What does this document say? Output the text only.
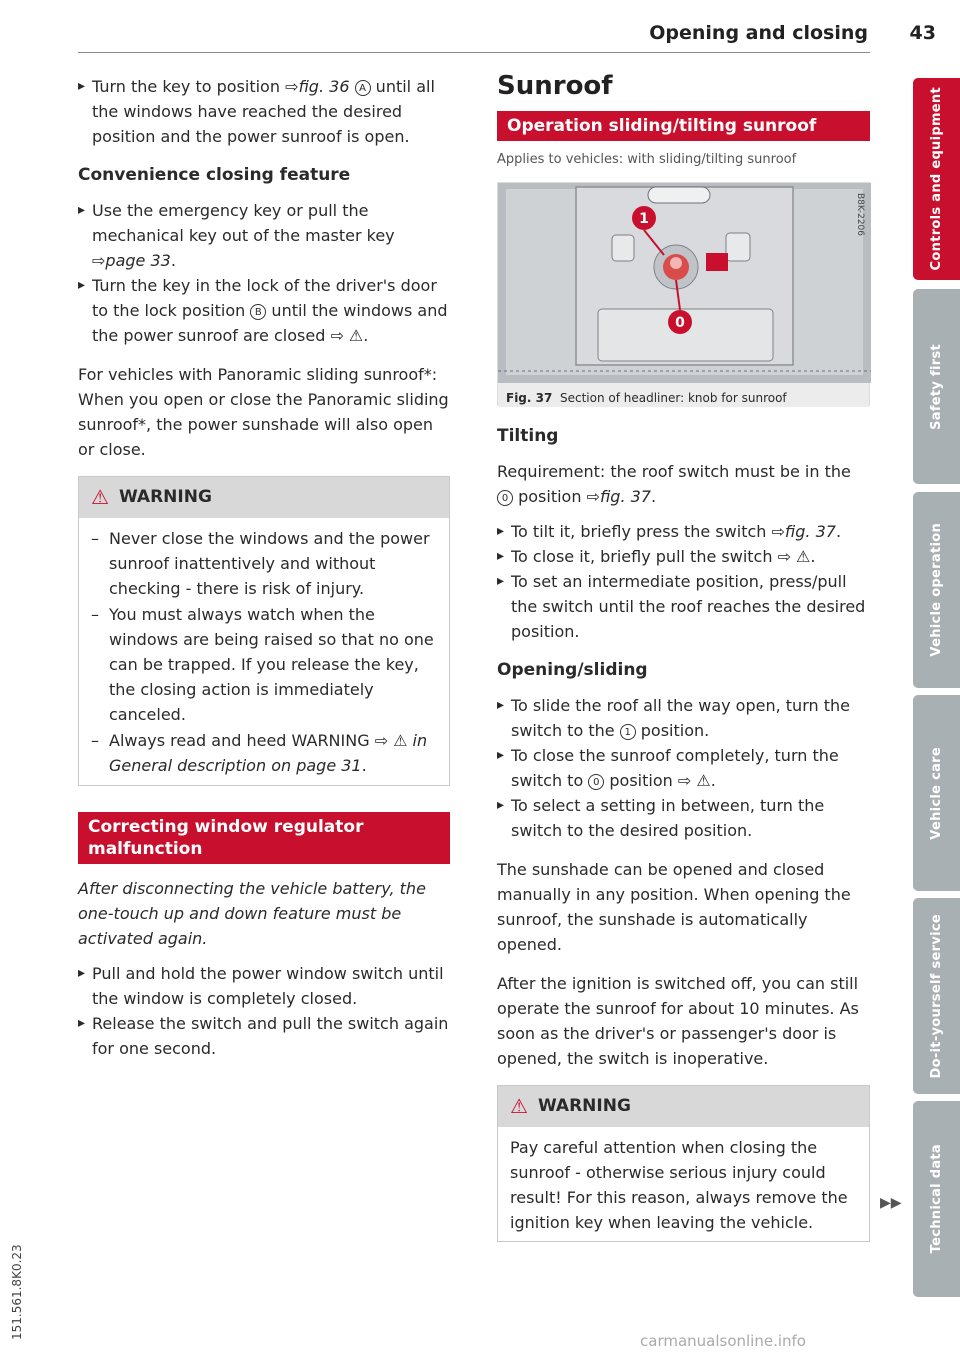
Opening and closing 43
▸ Turn the key to position ⇨fig. 36 A until all the windows have reached the desired position and the power sunroof is open.
Convenience closing feature
▸ Use the emergency key or pull the mechanical key out of the master key ⇨page 33.
▸ Turn the key in the lock of the driver's door to the lock position B until the windows and the power sunroof are closed ⇨ ⚠.
For vehicles with Panoramic sliding sunroof*: When you open or close the Panoramic sliding sunroof*, the power sunshade will also open or close.
⚠ WARNING
– Never close the windows and the power sunroof inattentively and without checking - there is risk of injury.
– You must always watch when the windows are being raised so that no one can be trapped. If you release the key, the closing action is immediately canceled.
– Always read and heed WARNING ⇨ ⚠ in General description on page 31.
Correcting window regulator malfunction
After disconnecting the vehicle battery, the one-touch up and down feature must be activated again.
▸ Pull and hold the power window switch until the window is completely closed.
▸ Release the switch and pull the switch again for one second.
Sunroof
Operation sliding/tilting sunroof
Applies to vehicles: with sliding/tilting sunroof
1
0
B8K-2206
Fig. 37 Section of headliner: knob for sunroof
Tilting
Requirement: the roof switch must be in the 0 position ⇨fig. 37.
▸ To tilt it, briefly press the switch ⇨fig. 37.
▸ To close it, briefly pull the switch ⇨ ⚠.
▸ To set an intermediate position, press/pull the switch until the roof reaches the desired position.
Opening/sliding
▸ To slide the roof all the way open, turn the switch to the 1 position.
▸ To close the sunroof completely, turn the switch to 0 position ⇨ ⚠.
▸ To select a setting in between, turn the switch to the desired position.
The sunshade can be opened and closed manually in any position. When opening the sunroof, the sunshade is automatically opened.
After the ignition is switched off, you can still operate the sunroof for about 10 minutes. As soon as the driver's or passenger's door is opened, the switch is inoperative.
⚠ WARNING
Pay careful attention when closing the sunroof - otherwise serious injury could result! For this reason, always remove the ignition key when leaving the vehicle.
▶▶
Controls and equipment
Safety first
Vehicle operation
Vehicle care
Do-it-yourself service
Technical data
151.561.8K0.23
carmanualsonline.info
